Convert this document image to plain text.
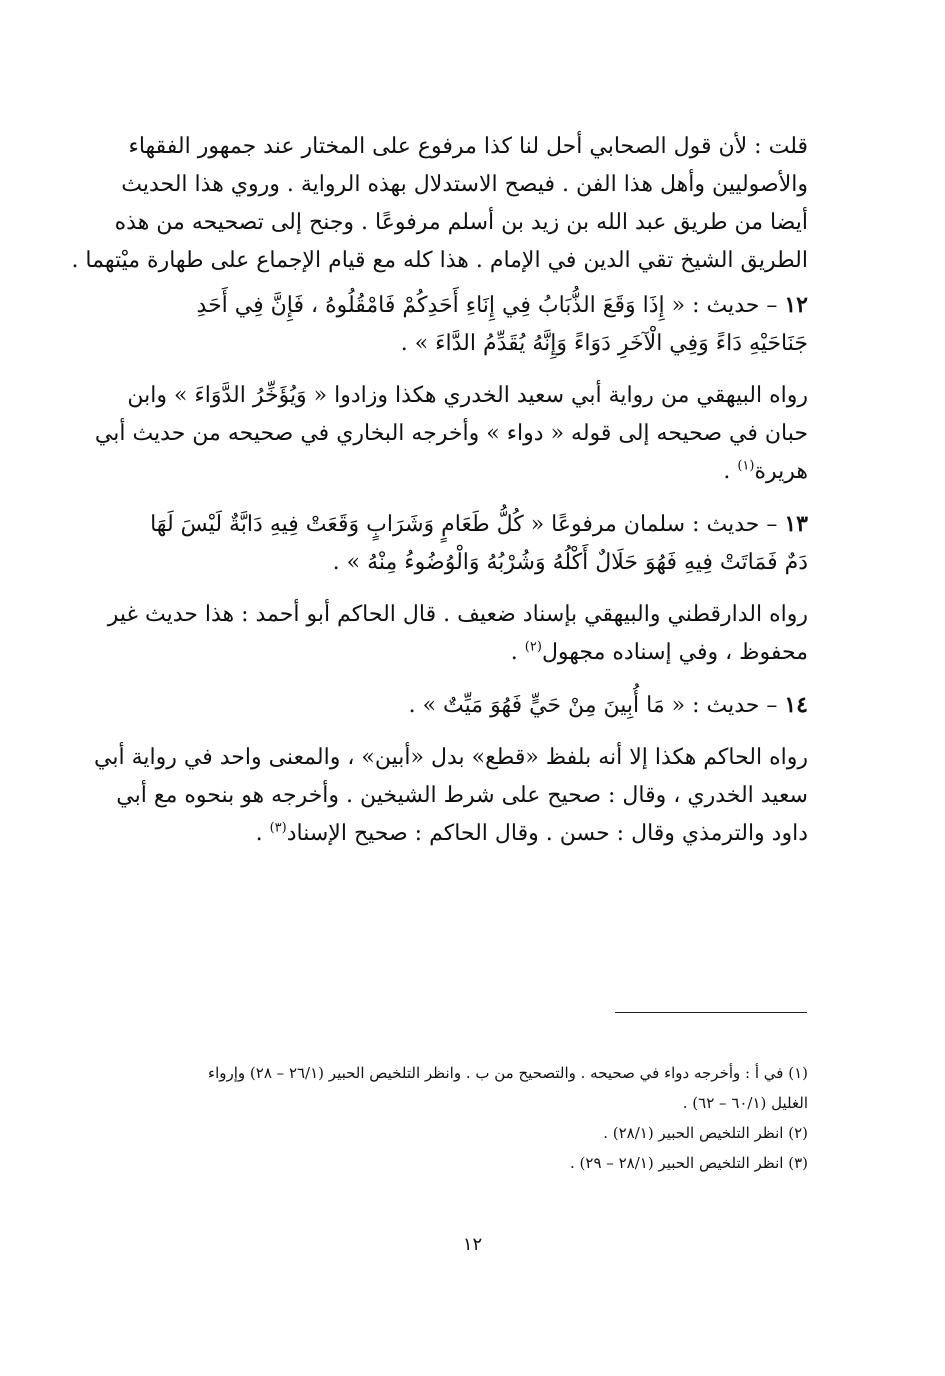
قلت : لأن قول الصحابي أحل لنا كذا مرفوع على المختار عند جمهور الفقهاء
والأصوليين وأهل هذا الفن . فيصح الاستدلال بهذه الرواية . وروي هذا الحديث
أيضا من طريق عبد الله بن زيد بن أسلم مرفوعًا . وجنح إلى تصحيحه من هذه
الطريق الشيخ تقي الدين في الإمام . هذا كله مع قيام الإجماع على طهارة ميْتهما .
١٢ – حديث : « إِذَا وَقَعَ الذُّبَابُ فِي إِنَاءِ أَحَدِكُمْ فَامْقُلُوهُ ، فَإِنَّ فِي أَحَدِ
جَنَاحَيْهِ دَاءً وَفِي الْآخَرِ دَوَاءً وَإِنَّهُ يُقَدِّمُ الدَّاءَ » .
رواه البيهقي من رواية أبي سعيد الخدري هكذا وزادوا « وَيُؤَخِّرُ الدَّوَاءَ » وابن
حبان في صحيحه إلى قوله « دواء » وأخرجه البخاري في صحيحه من حديث أبي
هريرة$^{(١)}$ .
١٣ – حديث : سلمان مرفوعًا « كُلُّ طَعَامٍ وَشَرَابٍ وَقَعَتْ فِيهِ دَابَّةٌ لَيْسَ لَهَا
دَمٌ فَمَاتَتْ فِيهِ فَهُوَ حَلَالٌ أَكْلُهُ وَشُرْبُهُ وَالْوُضُوءُ مِنْهُ » .
رواه الدارقطني والبيهقي بإسناد ضعيف . قال الحاكم أبو أحمد : هذا حديث غير
محفوظ ، وفي إسناده مجهول$^{(٢)}$ .
١٤ – حديث : « مَا أُبِينَ مِنْ حَيٍّ فَهُوَ مَيِّتٌ » .
رواه الحاكم هكذا إلا أنه بلفظ «قطع» بدل «أبين» ، والمعنى واحد في رواية أبي
سعيد الخدري ، وقال : صحيح على شرط الشيخين . وأخرجه هو بنحوه مع أبي
داود والترمذي وقال : حسن . وقال الحاكم : صحيح الإسناد$^{(٣)}$ .
(١) في أ : وأخرجه دواء في صحيحه . والتصحيح من ب . وانظر التلخيص الحبير (٢٦/١ – ٢٨) وإرواء
الغليل (٦٠/١ – ٦٢) .
(٢) انظر التلخيص الحبير (٢٨/١) .
(٣) انظر التلخيص الحبير (٢٨/١ – ٢٩) .
١٢
